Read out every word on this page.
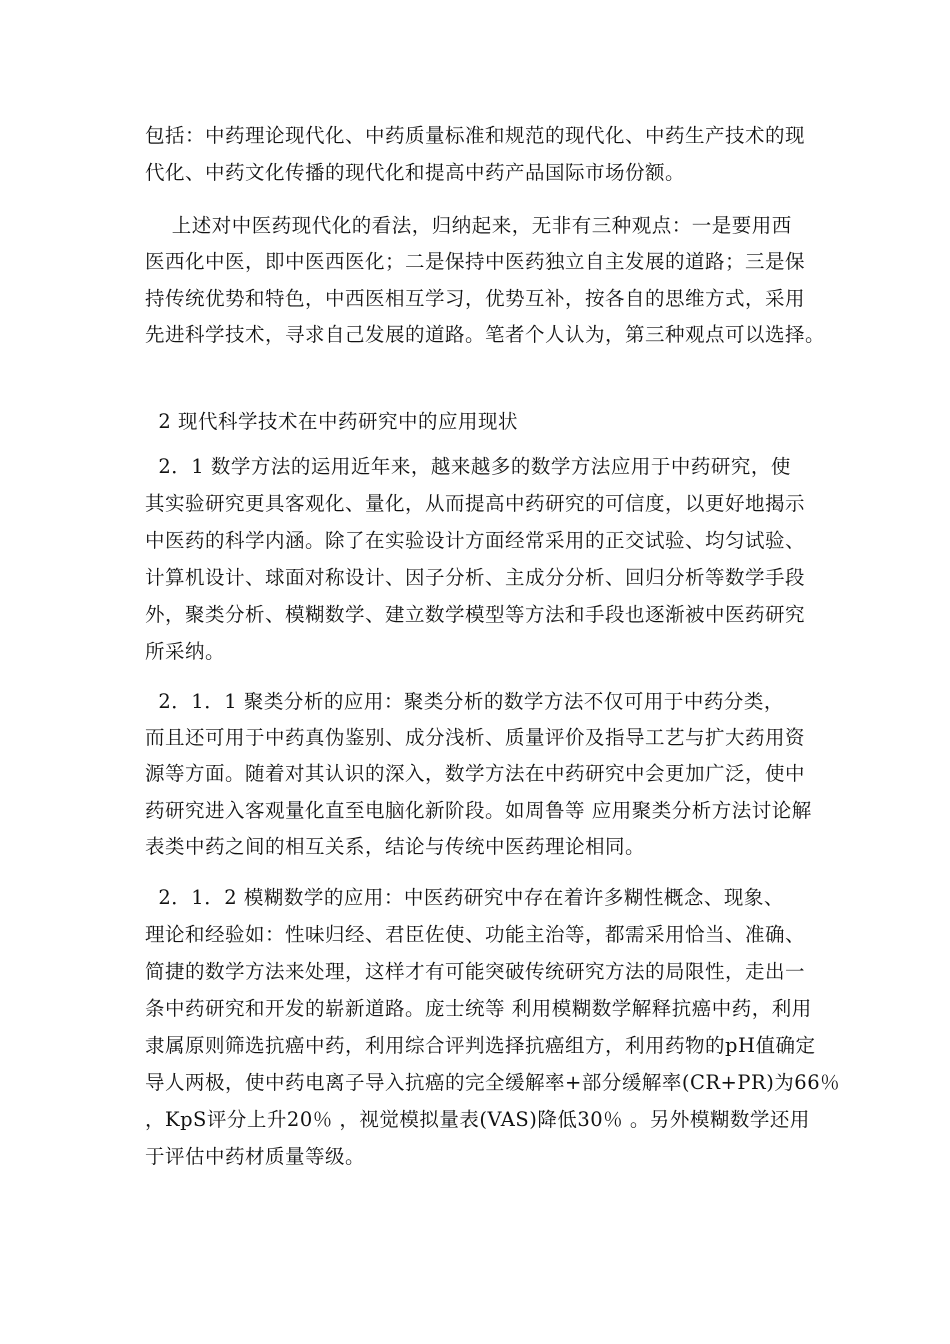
包括：中药理论现代化、中药质量标准和规范的现代化、中药生产技术的现
代化、中药文化传播的现代化和提高中药产品国际市场份额。
上述对中医药现代化的看法，归纳起来，无非有三种观点：一是要用西
医西化中医，即中医西医化；二是保持中医药独立自主发展的道路；三是保
持传统优势和特色，中西医相互学习，优势互补，按各自的思维方式，采用
先进科学技术，寻求自己发展的道路。笔者个人认为，第三种观点可以选择。
2 现代科学技术在中药研究中的应用现状
2．1 数学方法的运用近年来，越来越多的数学方法应用于中药研究，使
其实验研究更具客观化、量化，从而提高中药研究的可信度，以更好地揭示
中医药的科学内涵。除了在实验设计方面经常采用的正交试验、均匀试验、
计算机设计、球面对称设计、因子分析、主成分分析、回归分析等数学手段
外，聚类分析、模糊数学、建立数学模型等方法和手段也逐渐被中医药研究
所采纳。
2．1．1 聚类分析的应用：聚类分析的数学方法不仅可用于中药分类，
而且还可用于中药真伪鉴别、成分浅析、质量评价及指导工艺与扩大药用资
源等方面。随着对其认识的深入，数学方法在中药研究中会更加广泛，使中
药研究进入客观量化直至电脑化新阶段。如周鲁等 应用聚类分析方法讨论解
表类中药之间的相互关系，结论与传统中医药理论相同。
2．1．2 模糊数学的应用：中医药研究中存在着许多糊性概念、现象、
理论和经验如：性味归经、君臣佐使、功能主治等，都需采用恰当、准确、
简捷的数学方法来处理，这样才有可能突破传统研究方法的局限性，走出一
条中药研究和开发的崭新道路。庞士统等 利用模糊数学解释抗癌中药，利用
隶属原则筛选抗癌中药，利用综合评判选择抗癌组方，利用药物的pH值确定
导人两极，使中药电离子导入抗癌的完全缓解率+部分缓解率(CR+PR)为66％
，KpS评分上升20％ ，视觉模拟量表(VAS)降低30％ 。另外模糊数学还用
于评估中药材质量等级。
